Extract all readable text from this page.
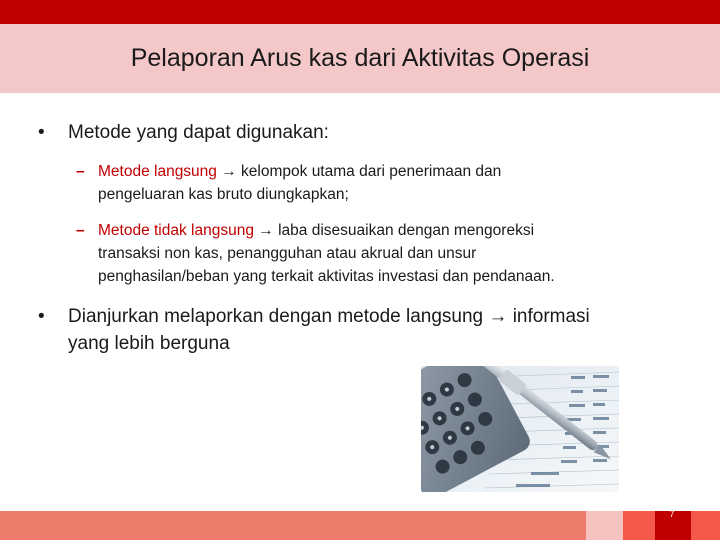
Pelaporan Arus kas dari Aktivitas Operasi
• Metode yang dapat digunakan:
– Metode langsung → kelompok utama dari penerimaan dan
pengeluaran kas bruto diungkapkan;
– Metode tidak langsung → laba disesuaikan dengan mengoreksi
transaksi non kas, penangguhan atau akrual dan unsur
penghasilan/beban yang terkait aktivitas investasi dan pendanaan.
• Dianjurkan melaporkan dengan metode langsung → informasi
yang lebih berguna
7
